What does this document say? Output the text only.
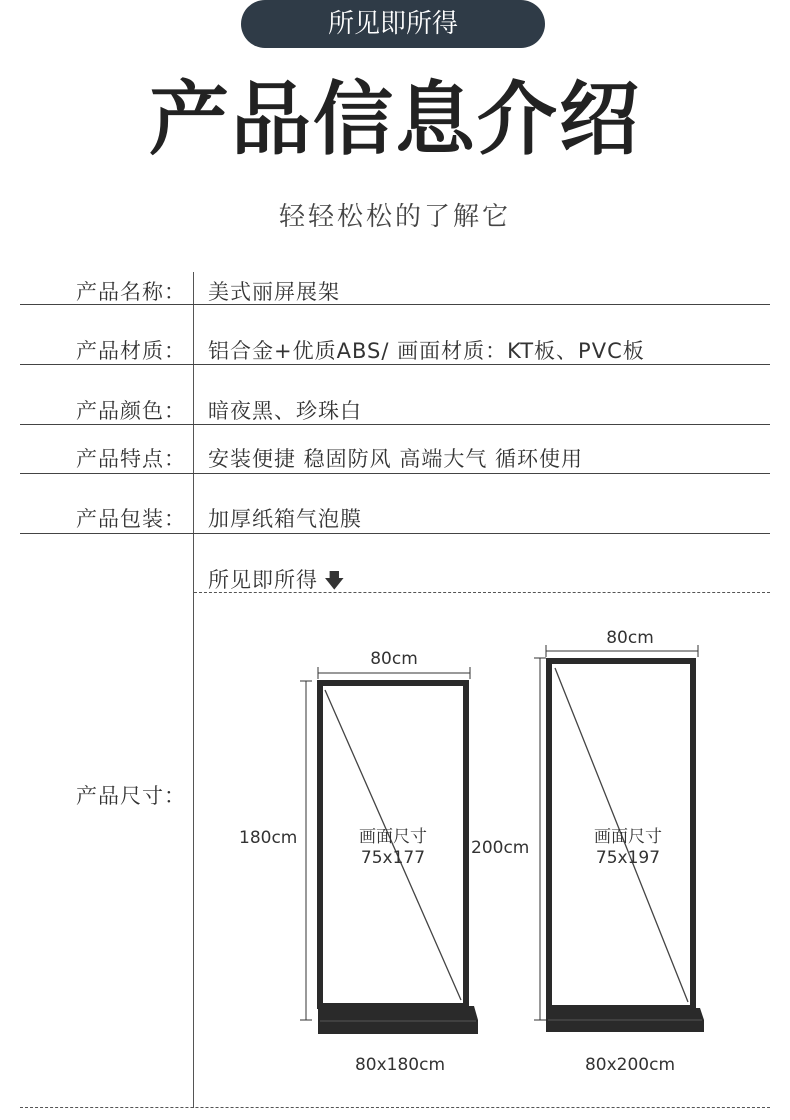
所见即所得
产品信息介绍
轻轻松松的了解它
产品名称： 美式丽屏展架
产品材质： 铝合金+优质ABS/ 画面材质：KT板、PVC板
产品颜色： 暗夜黑、珍珠白
产品特点： 安装便捷 稳固防风 高端大气 循环使用
产品包装： 加厚纸箱气泡膜
所见即所得 🡇
产品尺寸：
80cm
180cm	画面尺寸
75x177
80x180cm
80cm
200cm
画面尺寸
75x197
80x200cm
